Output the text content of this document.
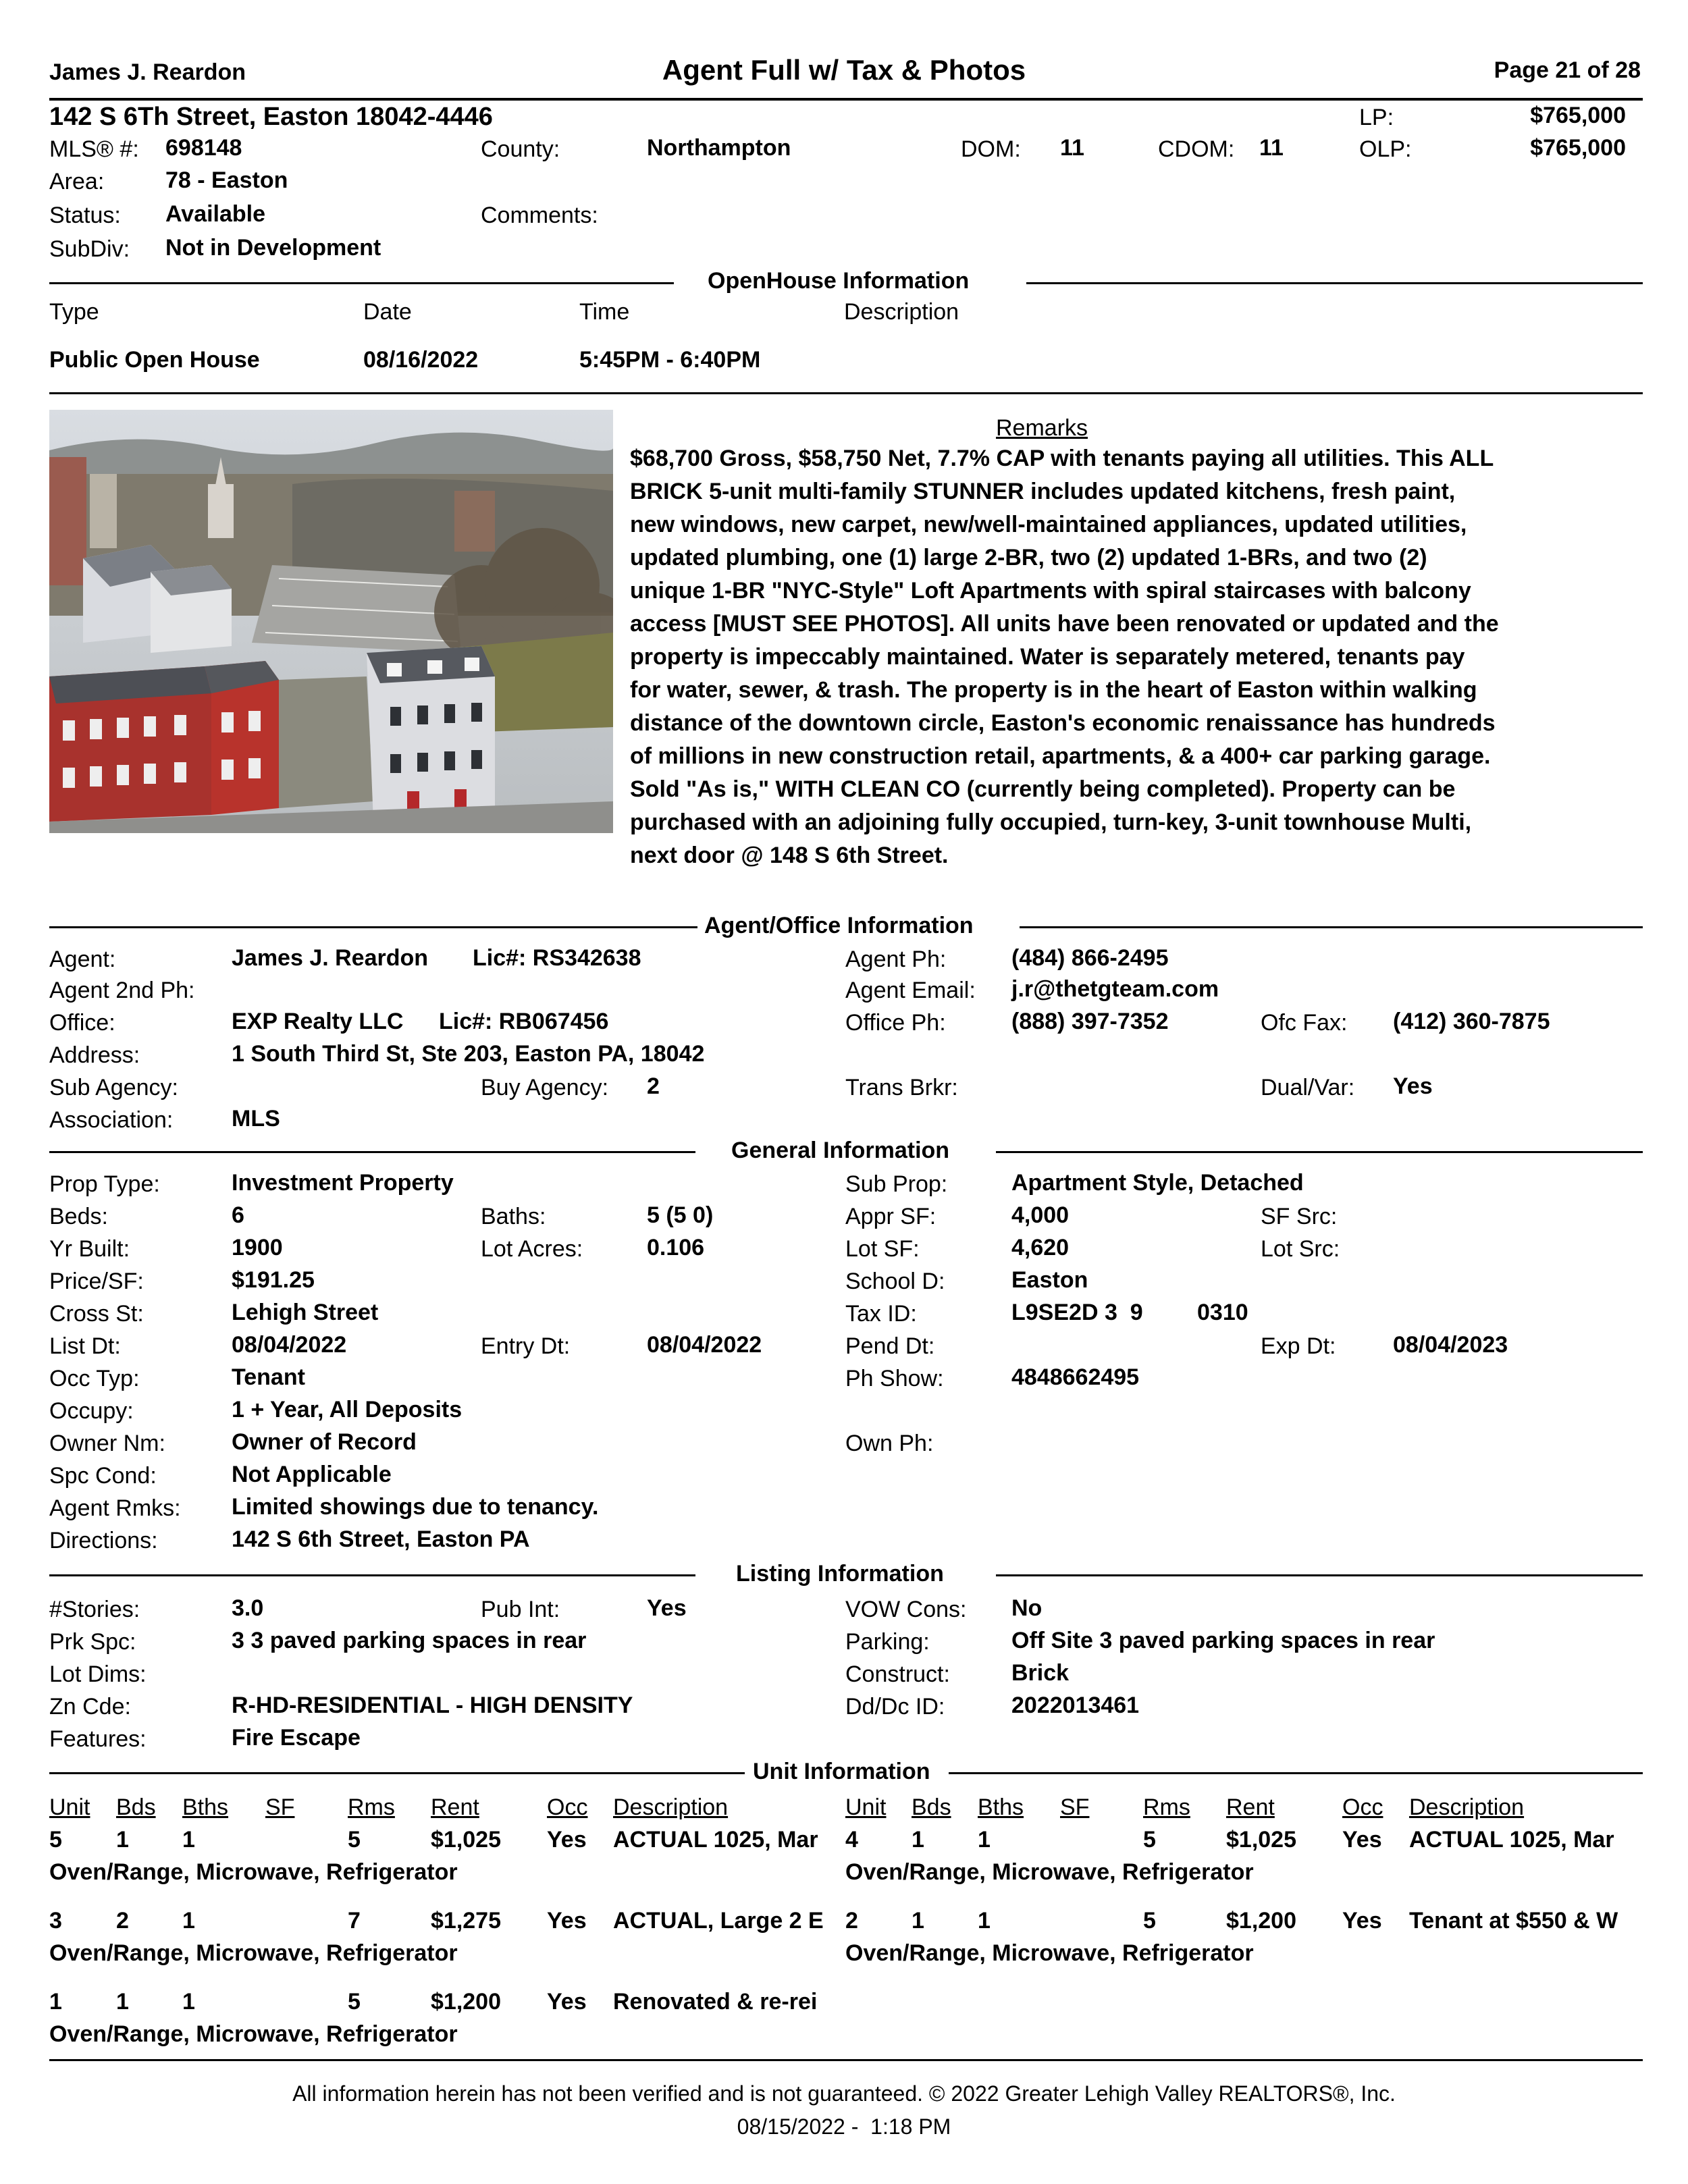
James J. Reardon	Agent Full w/ Tax & Photos	Page 21 of 28
142 S 6Th Street, Easton 18042-4446	LP:	$765,000
MLS® #: 698148	County:	Northampton	DOM: 11	CDOM: 11	OLP:	$765,000
Area:	78 - Easton
Status: Available	Comments:
SubDiv: Not in Development
OpenHouse Information
Type	Date	Time	Description
Public Open House	08/16/2022	5:45PM - 6:40PM
Remarks
$68,700 Gross, $58,750 Net, 7.7% CAP with tenants paying all utilities. This ALL BRICK 5-unit multi-family STUNNER includes updated kitchens, fresh paint, new windows, new carpet, new/well-maintained appliances, updated utilities, updated plumbing, one (1) large 2-BR, two (2) updated 1-BRs, and two (2) unique 1-BR "NYC-Style" Loft Apartments with spiral staircases with balcony access [MUST SEE PHOTOS]. All units have been renovated or updated and the property is impeccably maintained. Water is separately metered, tenants pay for water, sewer, & trash. The property is in the heart of Easton within walking distance of the downtown circle, Easton's economic renaissance has hundreds of millions in new construction retail, apartments, & a 400+ car parking garage. Sold "As is," WITH CLEAN CO (currently being completed). Property can be purchased with an adjoining fully occupied, turn-key, 3-unit townhouse Multi, next door @ 148 S 6th Street.
Agent/Office Information
Agent:	James J. Reardon Lic#: RS342638	Agent Ph:	(484) 866-2495
Agent 2nd Ph:	Agent Email: j.r@thetgteam.com
Office:	EXP Realty LLC Lic#: RB067456	Office Ph:	(888) 397-7352	Ofc Fax: (412) 360-7875
Address:	1 South Third St, Ste 203, Easton PA, 18042
Sub Agency:	Buy Agency: 2	Trans Brkr:	Dual/Var: Yes
Association:	MLS
General Information
Prop Type:	Investment Property	Sub Prop:	Apartment Style, Detached
Beds:	6	Baths:	5 (5 0)	Appr SF:	4,000	SF Src:
Yr Built:	1900	Lot Acres:	0.106	Lot SF:	4,620	Lot Src:
Price/SF:	$191.25	School D:	Easton
Cross St:	Lehigh Street	Tax ID:	L9SE2D 3  9 0310
List Dt:	08/04/2022	Entry Dt:	08/04/2022	Pend Dt:	Exp Dt: 08/04/2023
Occ Typ:	Tenant	Ph Show:	4848662495
Occupy:	1 + Year, All Deposits
Owner Nm:	Owner of Record	Own Ph:
Spc Cond:	Not Applicable
Agent Rmks: Limited showings due to tenancy.
Directions:	142 S 6th Street, Easton PA
Listing Information
#Stories:	3.0	Pub Int:	Yes	VOW Cons: No
Prk Spc:	3 3 paved parking spaces in rear	Parking:	Off Site 3 paved parking spaces in rear
Lot Dims:	Construct:	Brick
Zn Cde:	R-HD-RESIDENTIAL - HIGH DENSITY	Dd/Dc ID:	2022013461
Features:	Fire Escape
Unit Information
Unit Bds Bths SF Rms Rent	Occ Description	Unit Bds Bths SF Rms Rent	Occ Description
5 1 1	5	$1,025 Yes ACTUAL 1025, Mar
Oven/Range, Microwave, Refrigerator
4 1 1	5	$1,025 Yes ACTUAL 1025, Mar
Oven/Range, Microwave, Refrigerator
3 2 1	7	$1,275 Yes ACTUAL, Large 2 E
Oven/Range, Microwave, Refrigerator
2 1 1	5	$1,200 Yes Tenant at $550 & W
Oven/Range, Microwave, Refrigerator
1 1 1	5	$1,200 Yes Renovated & re-rei
Oven/Range, Microwave, Refrigerator
All information herein has not been verified and is not guaranteed. © 2022 Greater Lehigh Valley REALTORS®, Inc.
08/15/2022 -  1:18 PM
